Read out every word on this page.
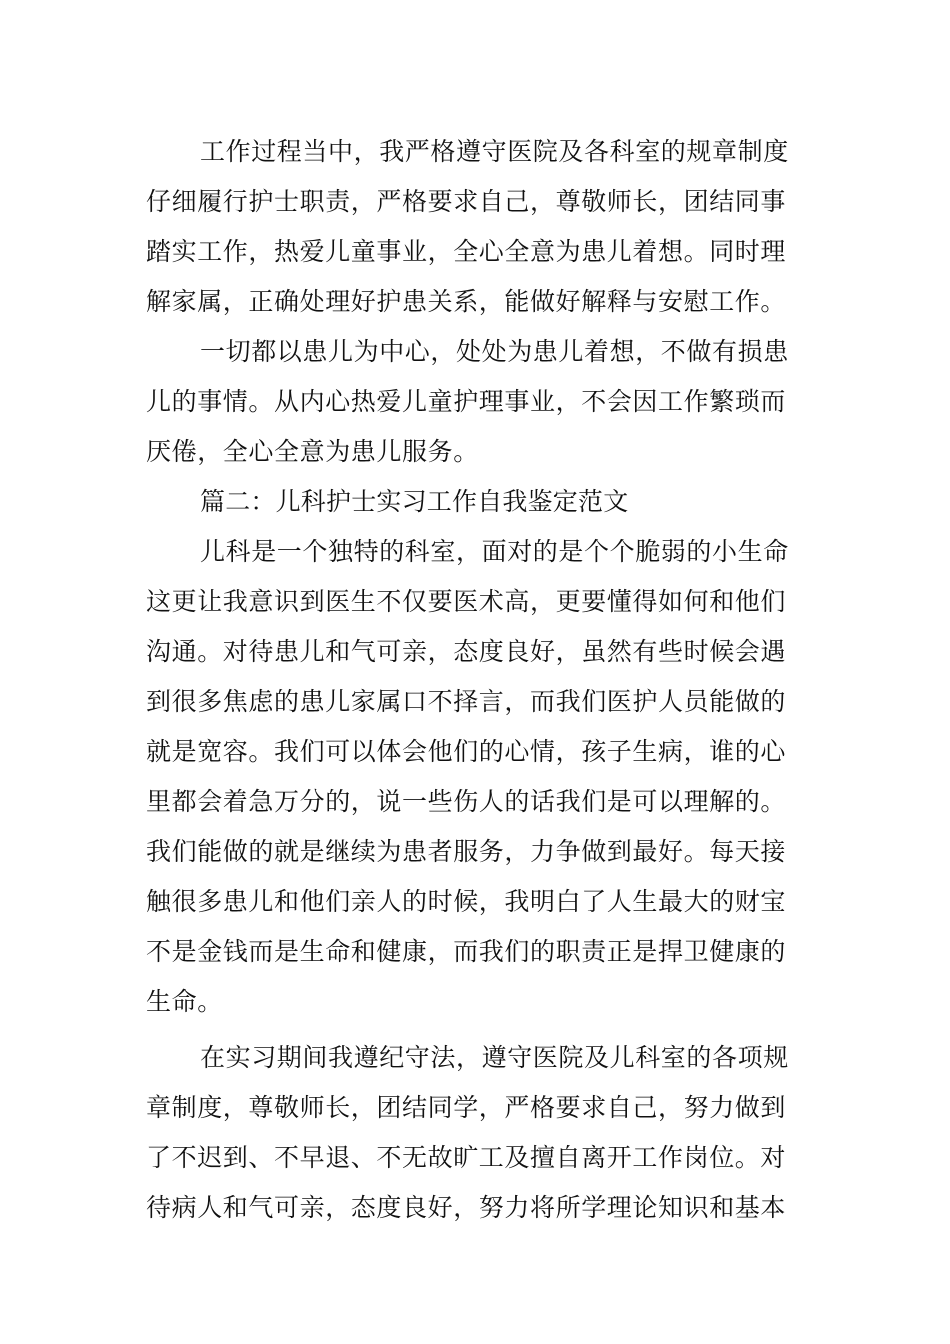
工作过程当中，我严格遵守医院及各科室的规章制度
仔细履行护士职责，严格要求自己，尊敬师长，团结同事
踏实工作，热爱儿童事业，全心全意为患儿着想。同时理
解家属，正确处理好护患关系，能做好解释与安慰工作。
一切都以患儿为中心，处处为患儿着想，不做有损患
儿的事情。从内心热爱儿童护理事业，不会因工作繁琐而
厌倦，全心全意为患儿服务。
篇二：儿科护士实习工作自我鉴定范文
儿科是一个独特的科室，面对的是个个脆弱的小生命
这更让我意识到医生不仅要医术高，更要懂得如何和他们
沟通。对待患儿和气可亲，态度良好，虽然有些时候会遇
到很多焦虑的患儿家属口不择言，而我们医护人员能做的
就是宽容。我们可以体会他们的心情，孩子生病，谁的心
里都会着急万分的，说一些伤人的话我们是可以理解的。
我们能做的就是继续为患者服务，力争做到最好。每天接
触很多患儿和他们亲人的时候，我明白了人生最大的财宝
不是金钱而是生命和健康，而我们的职责正是捍卫健康的
生命。
在实习期间我遵纪守法，遵守医院及儿科室的各项规
章制度，尊敬师长，团结同学，严格要求自己，努力做到
了不迟到、不早退、不无故旷工及擅自离开工作岗位。对
待病人和气可亲，态度良好，努力将所学理论知识和基本
